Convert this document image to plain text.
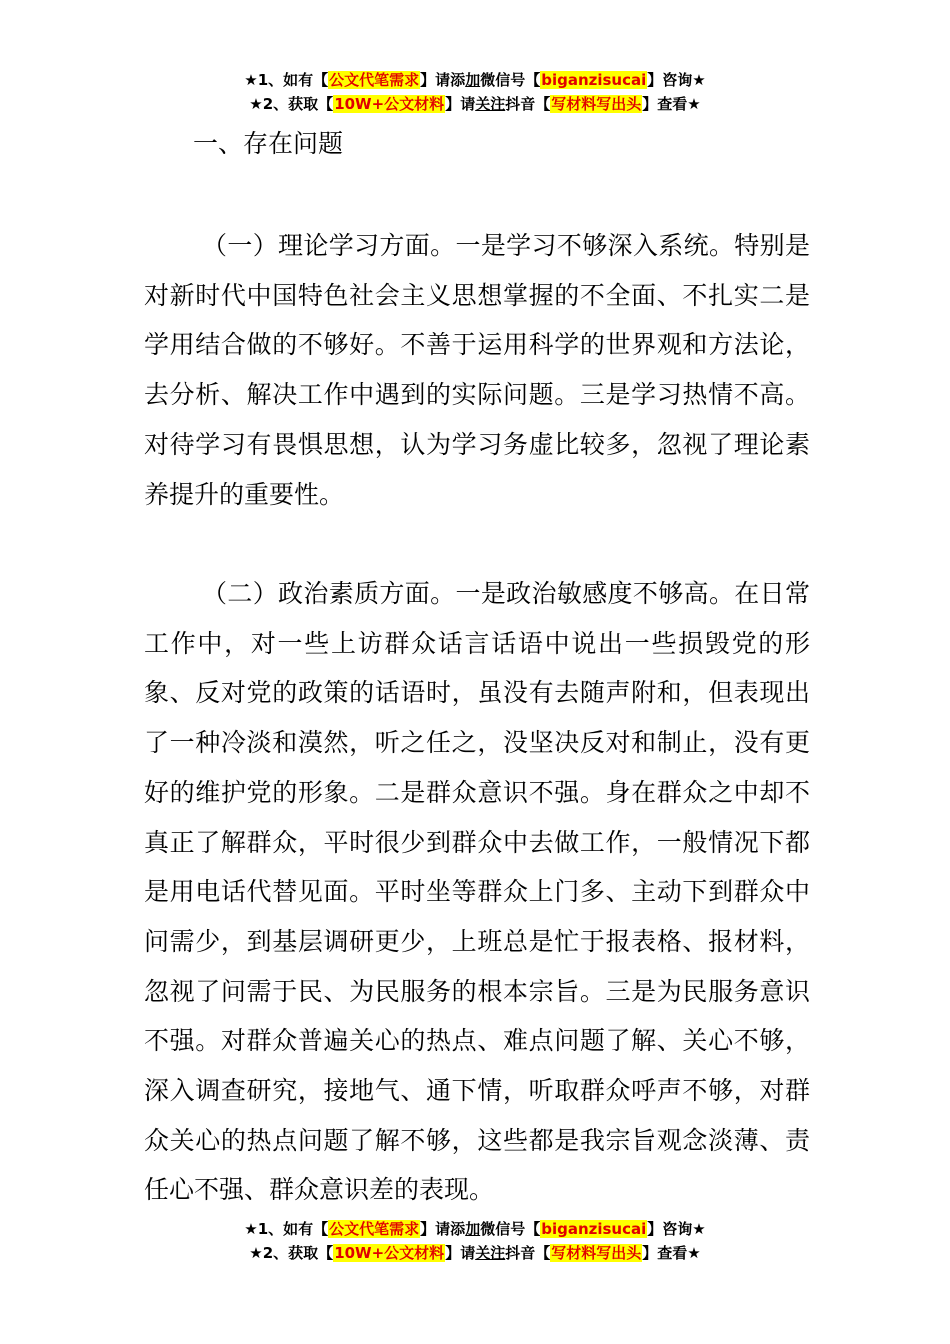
★1、如有【公文代笔需求】请添加微信号【biganzisucai】咨询★
★2、获取【10W+公文材料】请关注抖音【写材料写出头】查看★
一、存在问题

（一）理论学习方面。一是学习不够深入系统。特别是对新时代中国特色社会主义思想掌握的不全面、不扎实二是学用结合做的不够好。不善于运用科学的世界观和方法论，去分析、解决工作中遇到的实际问题。三是学习热情不高。对待学习有畏惧思想，认为学习务虚比较多，忽视了理论素养提升的重要性。

（二）政治素质方面。一是政治敏感度不够高。在日常工作中，对一些上访群众话言话语中说出一些损毁党的形象、反对党的政策的话语时，虽没有去随声附和，但表现出了一种冷淡和漠然，听之任之，没坚决反对和制止，没有更好的维护党的形象。二是群众意识不强。身在群众之中却不真正了解群众，平时很少到群众中去做工作，一般情况下都是用电话代替见面。平时坐等群众上门多、主动下到群众中问需少，到基层调研更少，上班总是忙于报表格、报材料，忽视了问需于民、为民服务的根本宗旨。三是为民服务意识不强。对群众普遍关心的热点、难点问题了解、关心不够，深入调查研究，接地气、通下情，听取群众呼声不够，对群众关心的热点问题了解不够，这些都是我宗旨观念淡薄、责任心不强、群众意识差的表现。

★1、如有【公文代笔需求】请添加微信号【biganzisucai】咨询★
★2、获取【10W+公文材料】请关注抖音【写材料写出头】查看★
